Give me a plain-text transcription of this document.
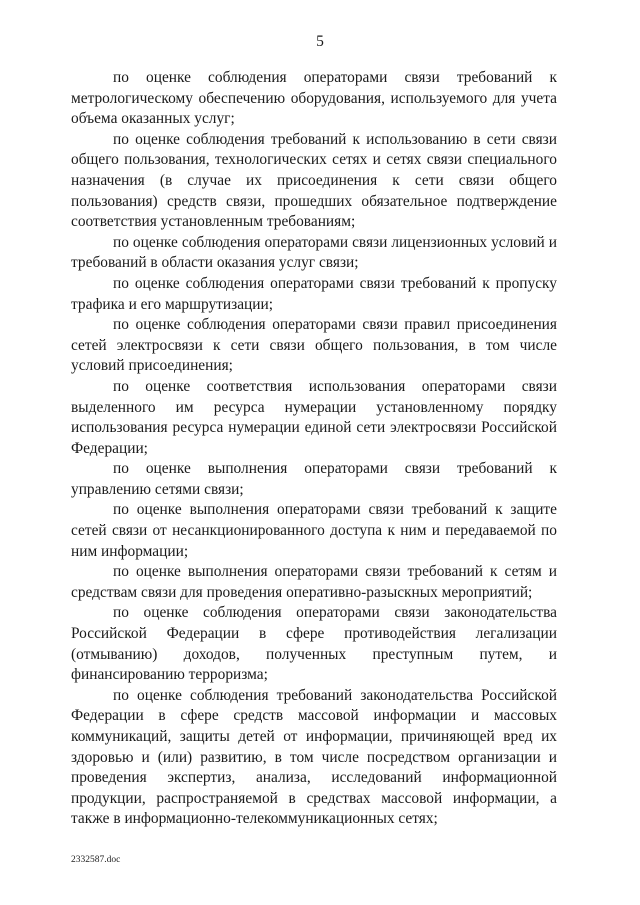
5

по оценке соблюдения операторами связи требований к метрологическому обеспечению оборудования, используемого для учета объема оказанных услуг;

по оценке соблюдения требований к использованию в сети связи общего пользования, технологических сетях и сетях связи специального назначения (в случае их присоединения к сети связи общего пользования) средств связи, прошедших обязательное подтверждение соответствия установленным требованиям;

по оценке соблюдения операторами связи лицензионных условий и требований в области оказания услуг связи;

по оценке соблюдения операторами связи требований к пропуску трафика и его маршрутизации;

по оценке соблюдения операторами связи правил присоединения сетей электросвязи к сети связи общего пользования, в том числе условий присоединения;

по оценке соответствия использования операторами связи выделенного им ресурса нумерации установленному порядку использования ресурса нумерации единой сети электросвязи Российской Федерации;

по оценке выполнения операторами связи требований к управлению сетями связи;

по оценке выполнения операторами связи требований к защите сетей связи от несанкционированного доступа к ним и передаваемой по ним информации;

по оценке выполнения операторами связи требований к сетям и средствам связи для проведения оперативно-разыскных мероприятий;

по оценке соблюдения операторами связи законодательства Российской Федерации в сфере противодействия легализации (отмыванию) доходов, полученных преступным путем, и финансированию терроризма;

по оценке соблюдения требований законодательства Российской Федерации в сфере средств массовой информации и массовых коммуникаций, защиты детей от информации, причиняющей вред их здоровью и (или) развитию, в том числе посредством организации и проведения экспертиз, анализа, исследований информационной продукции, распространяемой в средствах массовой информации, а также в информационно-телекоммуникационных сетях;

2332587.doc
